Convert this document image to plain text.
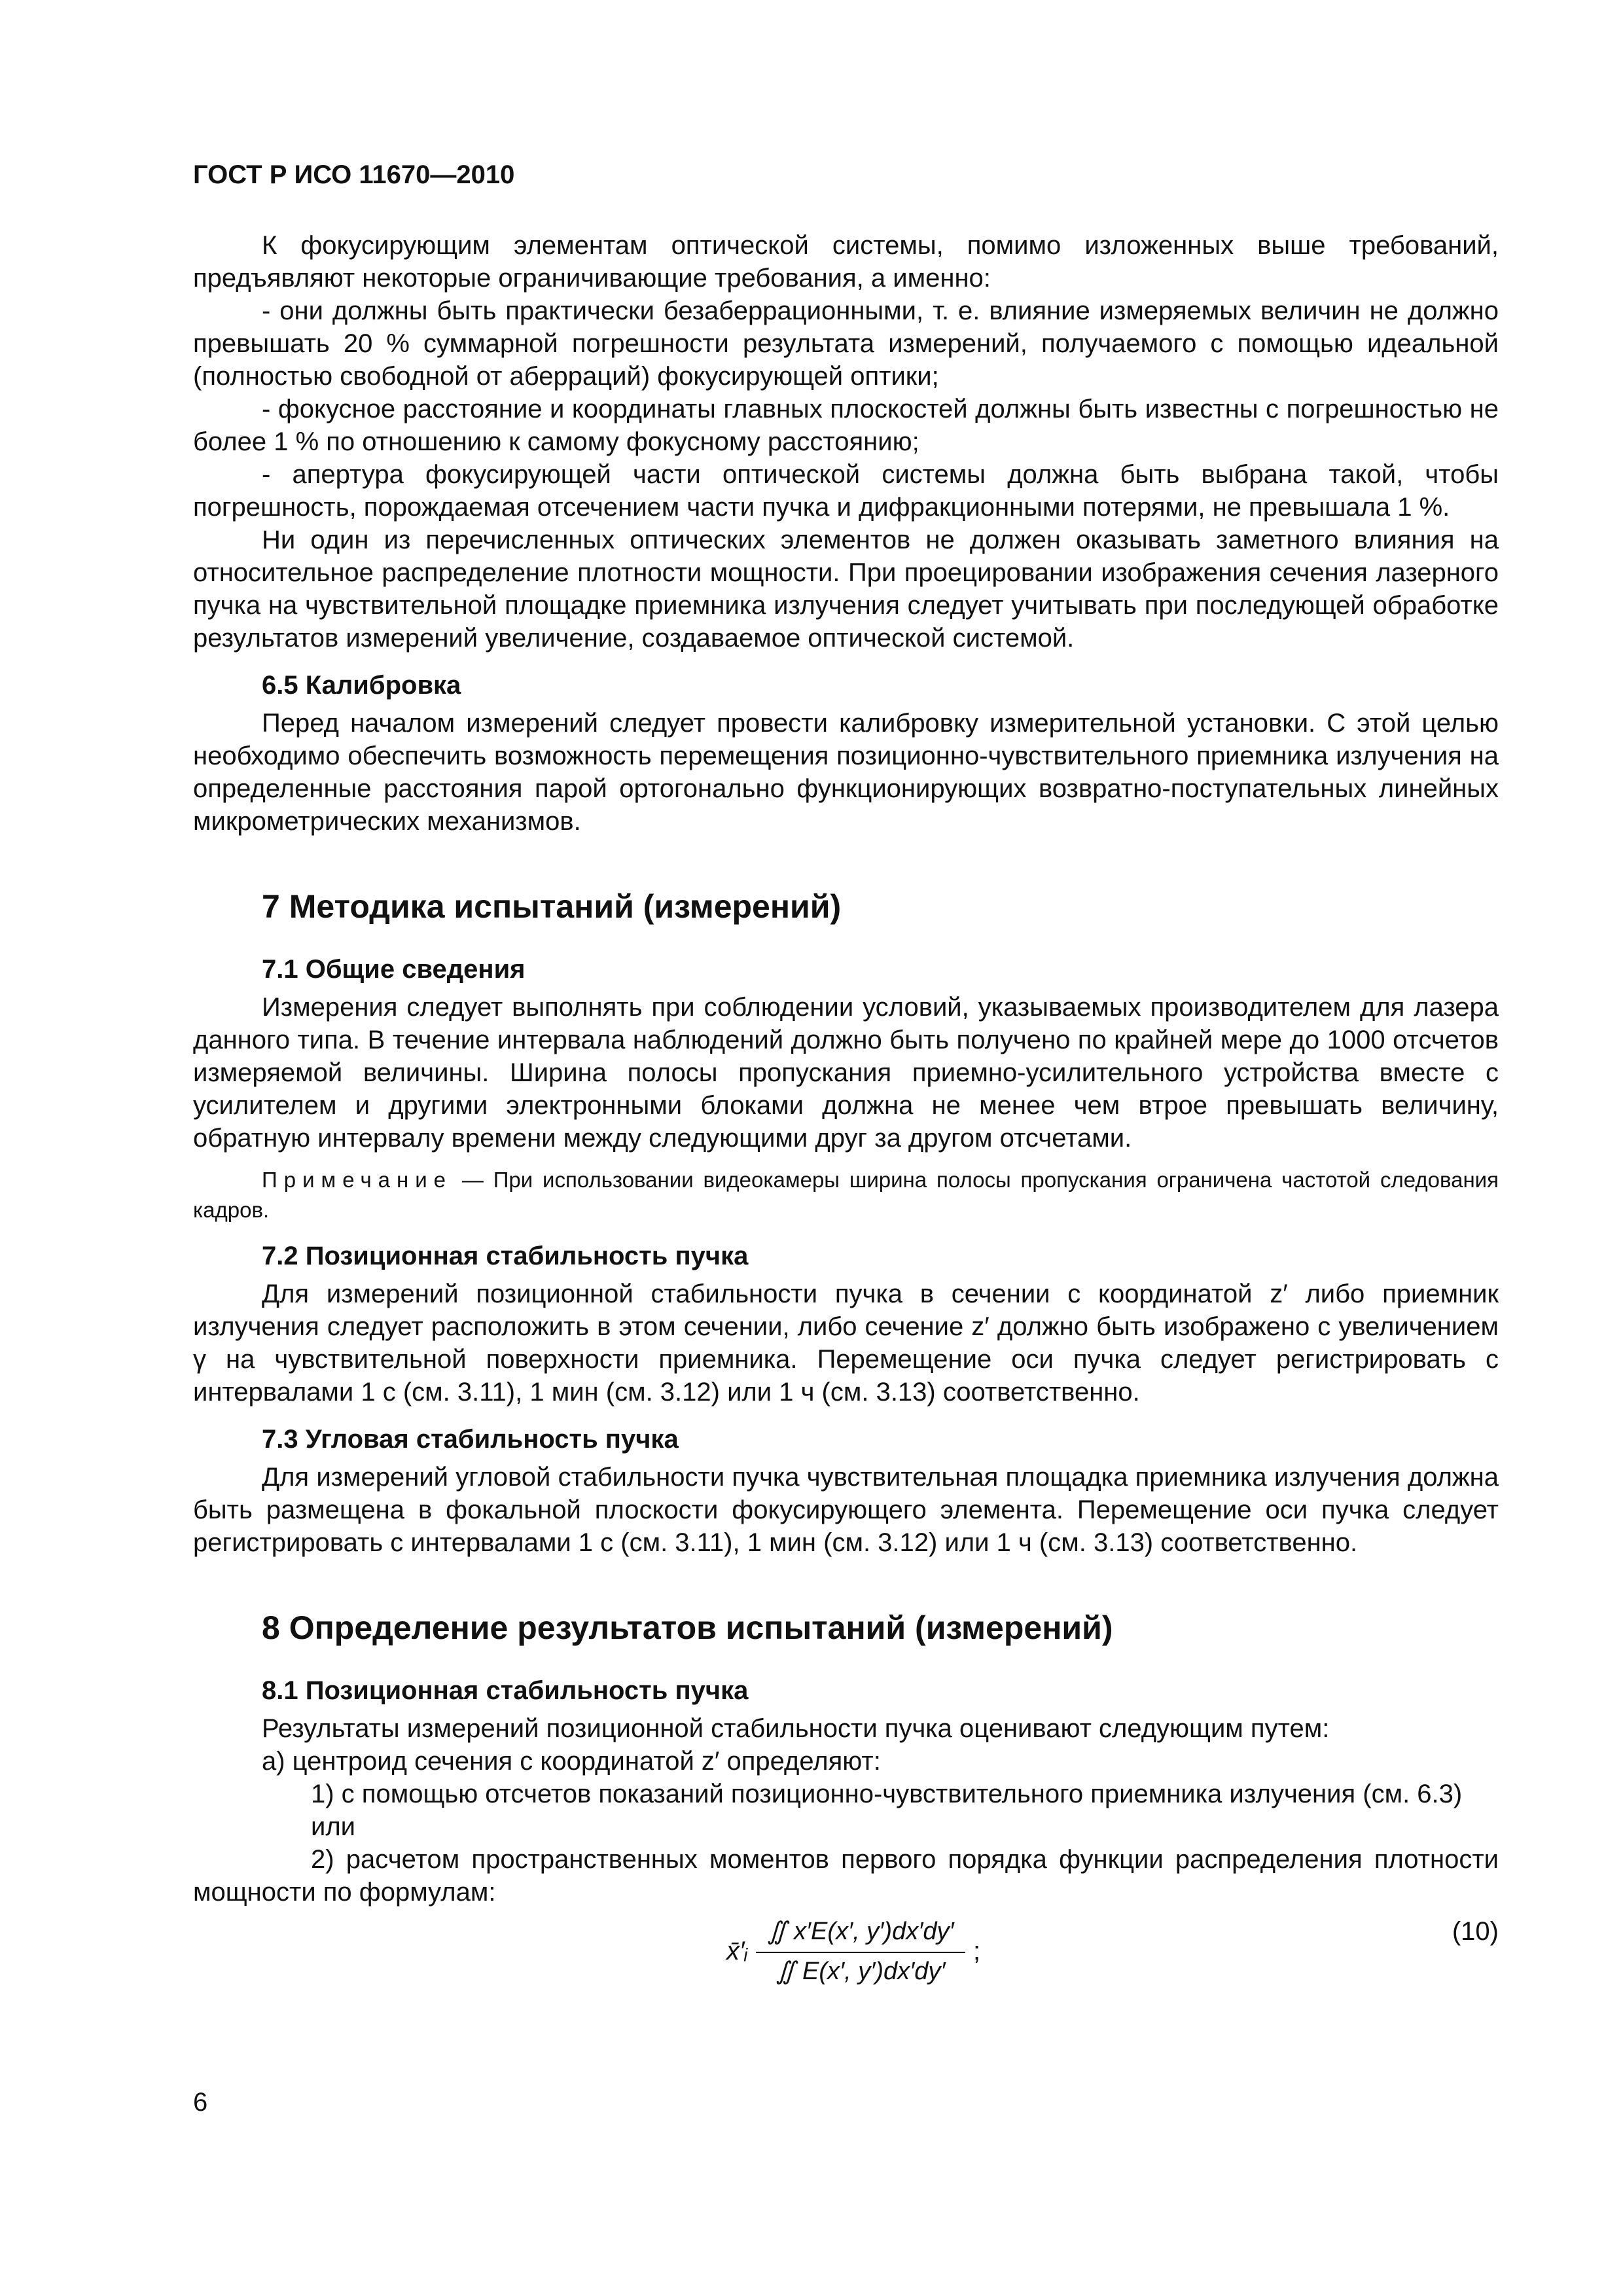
ГОСТ Р ИСО 11670—2010

К фокусирующим элементам оптической системы, помимо изложенных выше требований, предъявляют некоторые ограничивающие требования, а именно:

- они должны быть практически безаберрационными, т. е. влияние измеряемых величин не должно превышать 20 % суммарной погрешности результата измерений, получаемого с помощью идеальной (полностью свободной от аберраций) фокусирующей оптики;

- фокусное расстояние и координаты главных плоскостей должны быть известны с погрешностью не более 1 % по отношению к самому фокусному расстоянию;

- апертура фокусирующей части оптической системы должна быть выбрана такой, чтобы погрешность, порождаемая отсечением части пучка и дифракционными потерями, не превышала 1 %.

Ни один из перечисленных оптических элементов не должен оказывать заметного влияния на относительное распределение плотности мощности. При проецировании изображения сечения лазерного пучка на чувствительной площадке приемника излучения следует учитывать при последующей обработке результатов измерений увеличение, создаваемое оптической системой.

6.5 Калибровка

Перед началом измерений следует провести калибровку измерительной установки. С этой целью необходимо обеспечить возможность перемещения позиционно-чувствительного приемника излучения на определенные расстояния парой ортогонально функционирующих возвратно-поступательных линейных микрометрических механизмов.

7 Методика испытаний (измерений)
7.1 Общие сведения

Измерения следует выполнять при соблюдении условий, указываемых производителем для лазера данного типа. В течение интервала наблюдений должно быть получено по крайней мере до 1000 отсчетов измеряемой величины. Ширина полосы пропускания приемно-усилительного устройства вместе с усилителем и другими электронными блоками должна не менее чем втрое превышать величину, обратную интервалу времени между следующими друг за другом отсчетами.

Примечание — При использовании видеокамеры ширина полосы пропускания ограничена частотой следования кадров.

7.2 Позиционная стабильность пучка

Для измерений позиционной стабильности пучка в сечении с координатой z′ либо приемник излучения следует расположить в этом сечении, либо сечение z′ должно быть изображено с увеличением γ на чувствительной поверхности приемника. Перемещение оси пучка следует регистрировать с интервалами 1 с (см. 3.11), 1 мин (см. 3.12) или 1 ч (см. 3.13) соответственно.

7.3 Угловая стабильность пучка

Для измерений угловой стабильности пучка чувствительная площадка приемника излучения должна быть размещена в фокальной плоскости фокусирующего элемента. Перемещение оси пучка следует регистрировать с интервалами 1 с (см. 3.11), 1 мин (см. 3.12) или 1 ч (см. 3.13) соответственно.

8 Определение результатов испытаний (измерений)
8.1 Позиционная стабильность пучка

Результаты измерений позиционной стабильности пучка оценивают следующим путем:

а) центроид сечения с координатой z′ определяют:

1) с помощью отсчетов показаний позиционно-чувствительного приемника излучения (см. 6.3)

или

2) расчетом пространственных моментов первого порядка функции распределения плотности мощности по формулам:

x̄′ᵢ $\frac{∬ x'E(x', y')dx'dy'}{∬ E(x', y')dx'dy'}$ ;
(10)
6
